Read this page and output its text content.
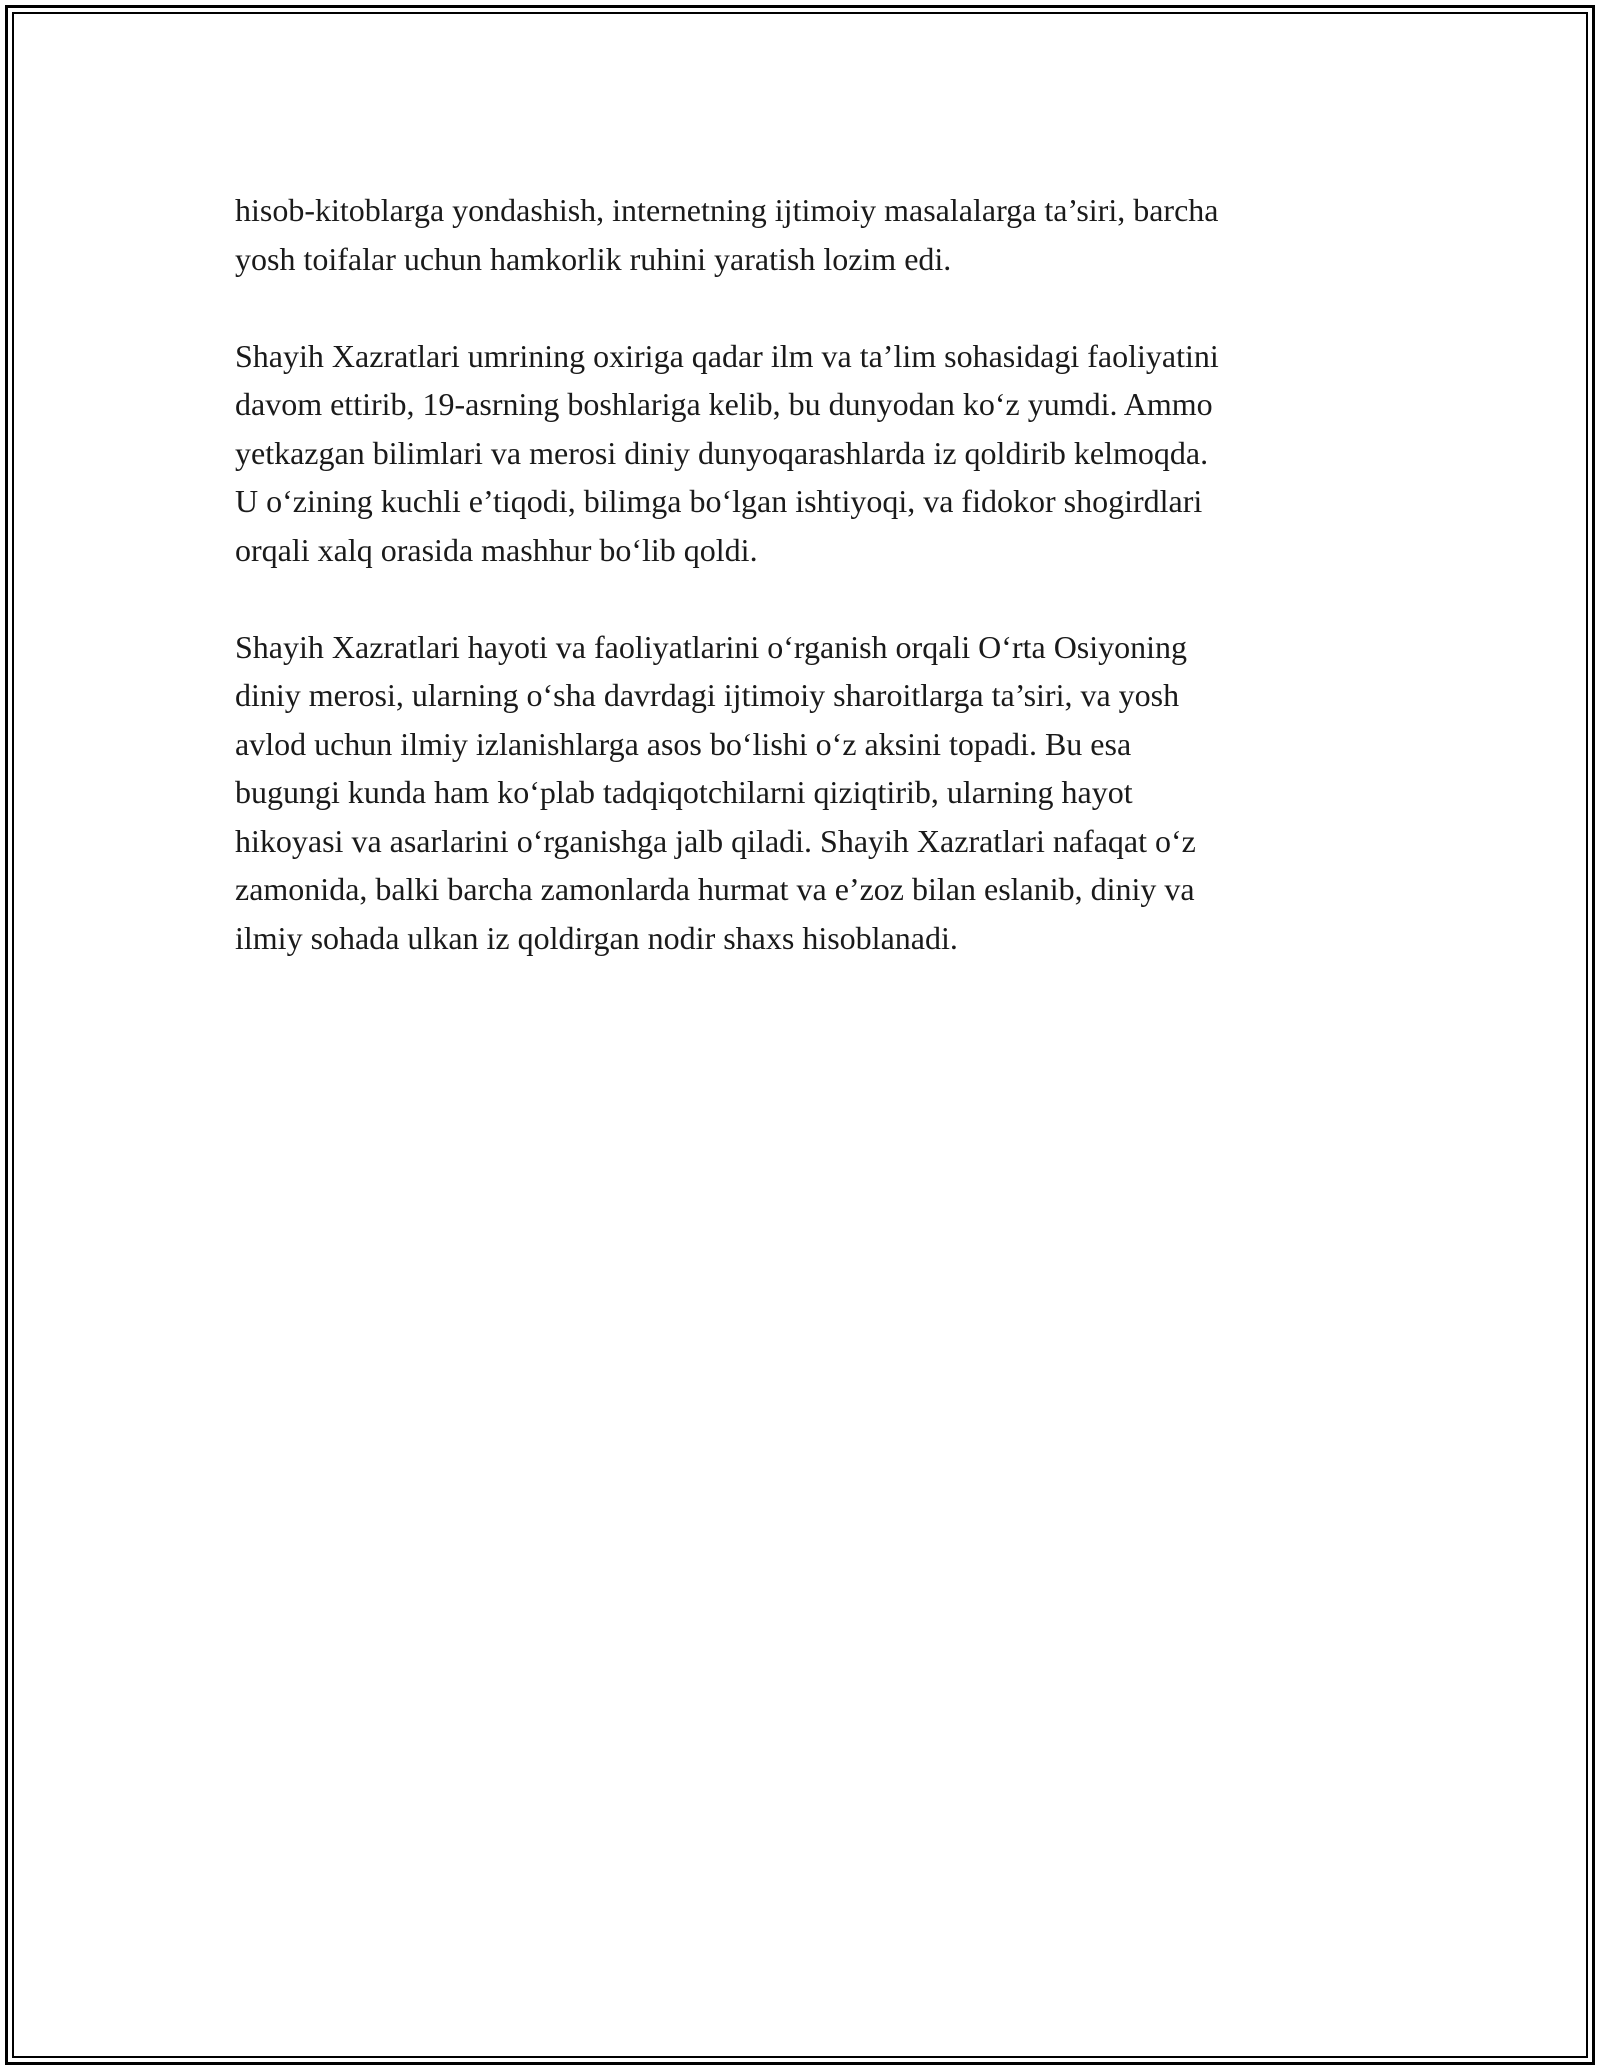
hisob-kitoblarga yondashish, internetning ijtimoiy masalalarga ta’siri, barcha
yosh toifalar uchun hamkorlik ruhini yaratish lozim edi.

Shayih Xazratlari umrining oxiriga qadar ilm va ta’lim sohasidagi faoliyatini
davom ettirib, 19-asrning boshlariga kelib, bu dunyodan ko‘z yumdi. Ammo
yetkazgan bilimlari va merosi diniy dunyoqarashlarda iz qoldirib kelmoqda.
U o‘zining kuchli e’tiqodi, bilimga bo‘lgan ishtiyoqi, va fidokor shogirdlari
orqali xalq orasida mashhur bo‘lib qoldi.

Shayih Xazratlari hayoti va faoliyatlarini o‘rganish orqali O‘rta Osiyoning
diniy merosi, ularning o‘sha davrdagi ijtimoiy sharoitlarga ta’siri, va yosh
avlod uchun ilmiy izlanishlarga asos bo‘lishi o‘z aksini topadi. Bu esa
bugungi kunda ham ko‘plab tadqiqotchilarni qiziqtirib, ularning hayot
hikoyasi va asarlarini o‘rganishga jalb qiladi. Shayih Xazratlari nafaqat o‘z
zamonida, balki barcha zamonlarda hurmat va e’zoz bilan eslanib, diniy va
ilmiy sohada ulkan iz qoldirgan nodir shaxs hisoblanadi.
